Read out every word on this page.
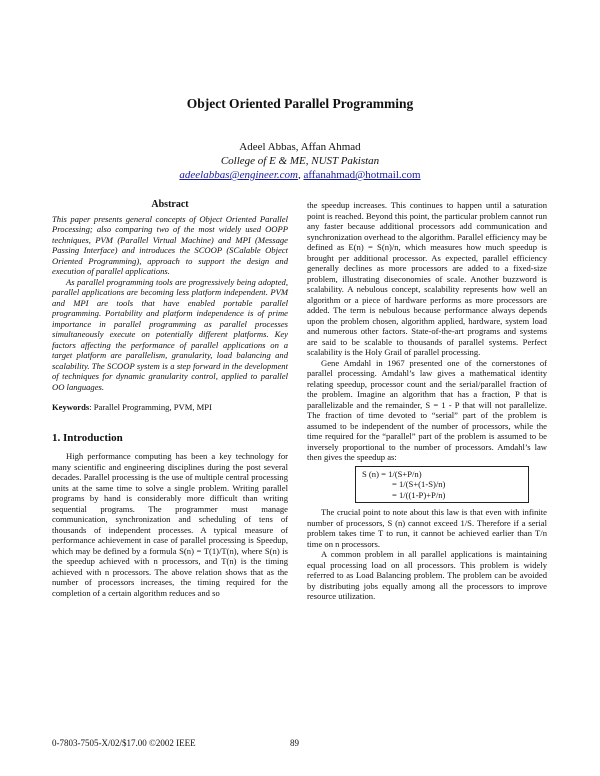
Object Oriented Parallel Programming
Adeel Abbas, Affan Ahmad
College of E & ME, NUST Pakistan
adeelabbas@engineer.com, affanahmad@hotmail.com
Abstract

This paper presents general concepts of Object Oriented Parallel Processing; also comparing two of the most widely used OOPP techniques, PVM (Parallel Virtual Machine) and MPI (Message Passing Interface) and introduces the SCOOP (SCalable Object Oriented Programming), approach to support the design and execution of parallel applications.

As parallel programming tools are progressively being adopted, parallel applications are becoming less platform independent. PVM and MPI are tools that have enabled portable parallel programming. Portability and platform independence is of prime importance in parallel programming as parallel processes simultaneously execute on potentially different platforms. Key factors affecting the performance of parallel applications on a target platform are parallelism, granularity, load balancing and scalability. The SCOOP system is a step forward in the development of techniques for dynamic granularity control, applied to parallel OO languages.

Keywords: Parallel Programming, PVM, MPI
1. Introduction

High performance computing has been a key technology for many scientific and engineering disciplines during the post several decades. Parallel processing is the use of multiple central processing units at the same time to solve a single problem. Writing parallel programs by hand is considerably more difficult than writing sequential programs. The programmer must manage communication, synchronization and scheduling of tens of thousands of independent processes. A typical measure of performance achievement in case of parallel processing is Speedup, which may be defined by a formula S(n) = T(1)/T(n), where S(n) is the speedup achieved with n processors, and T(n) is the timing achieved with n processors. The above relation shows that as the number of processors increases, the timing required for the completion of a certain algorithm reduces and so

the speedup increases. This continues to happen until a saturation point is reached. Beyond this point, the particular problem cannot run any faster because additional processors add communication and synchronization overhead to the algorithm. Parallel efficiency may be defined as E(n) = S(n)/n, which measures how much speedup is brought per additional processor. As expected, parallel efficiency generally declines as more processors are added to a fixed-size problem, illustrating diseconomies of scale. Another buzzword is scalability. A nebulous concept, scalability represents how well an algorithm or a piece of hardware performs as more processors are added. The term is nebulous because performance always depends upon the problem chosen, algorithm applied, hardware, system load and numerous other factors. State-of-the-art programs and systems are said to be scalable to thousands of parallel systems. Perfect scalability is the Holy Grail of parallel processing.

Gene Amdahl in 1967 presented one of the cornerstones of parallel processing. Amdahl’s law gives a mathematical identity relating speedup, processor count and the serial/parallel fraction of the problem. Imagine an algorithm that has a fraction, P that is parallelizable and the remainder, S = 1 - P that will not parallelize. The fraction of time devoted to “serial” part of the problem is assumed to be independent of the number of processors, while the time required for the “parallel” part of the problem is assumed to be inversely proportional to the number of processors. Amdahl’s law then gives the speedup as:

S (n) = 1/(S+P/n)
= 1/(S+(1-S)/n)
= 1/((1-P)+P/n)

The crucial point to note about this law is that even with infinite number of processors, S (n) cannot exceed 1/S. Therefore if a serial problem takes time T to run, it cannot be achieved earlier than T/n time on n processors.

A common problem in all parallel applications is maintaining equal processing load on all processors. This problem is widely referred to as Load Balancing problem. The problem can be avoided by distributing jobs equally among all the processors to improve resource utilization.

0-7803-7505-X/02/$17.00 ©2002 IEEE	89
